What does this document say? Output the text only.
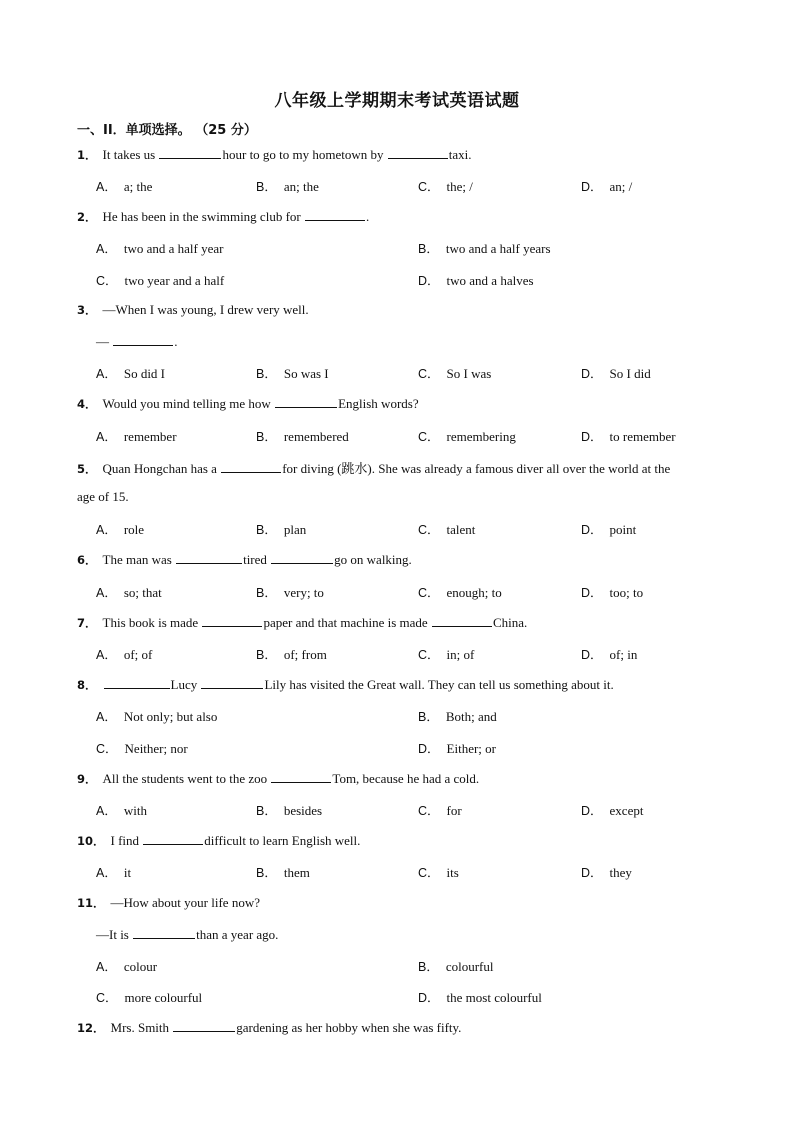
八年级上学期期末考试英语试题
一、II．单项选择。 （25 分）
1． It takes us	hour to go to my hometown by	taxi.
A． a; the	B． an; the	C． the; /	D． an; /
2． He has been in the swimming club for	.
A． two and a half year	B． two and a half years
C． two year and a half	D． two and a halves
3． —When I was young, I drew very well.
—	.
A． So did I	B． So was I	C． So I was	D． So I did
4． Would you mind telling me how	English words?
A． remember	B． remembered	C． remembering	D． to remember
5． Quan Hongchan has a	for diving (跳水). She was already a famous diver all over the world at the
age of 15.
A． role	B． plan	C． talent	D． point
6． The man was	tired	go on walking.
A． so; that	B． very; to	C． enough; to	D． too; to
7． This book is made	paper and that machine is made	China.
A． of; of	B． of; from	C． in; of	D． of; in
8．	Lucy	Lily has visited the Great wall. They can tell us something about it.
A． Not only; but also	B． Both; and
C． Neither; nor	D． Either; or
9． All the students went to the zoo	Tom, because he had a cold.
A． with	B． besides	C． for	D． except
10． I find	difficult to learn English well.
A． it	B． them	C． its	D． they
11． —How about your life now?
—It is	than a year ago.
A． colour	B． colourful
C． more colourful	D． the most colourful
12． Mrs. Smith	gardening as her hobby when she was fifty.
